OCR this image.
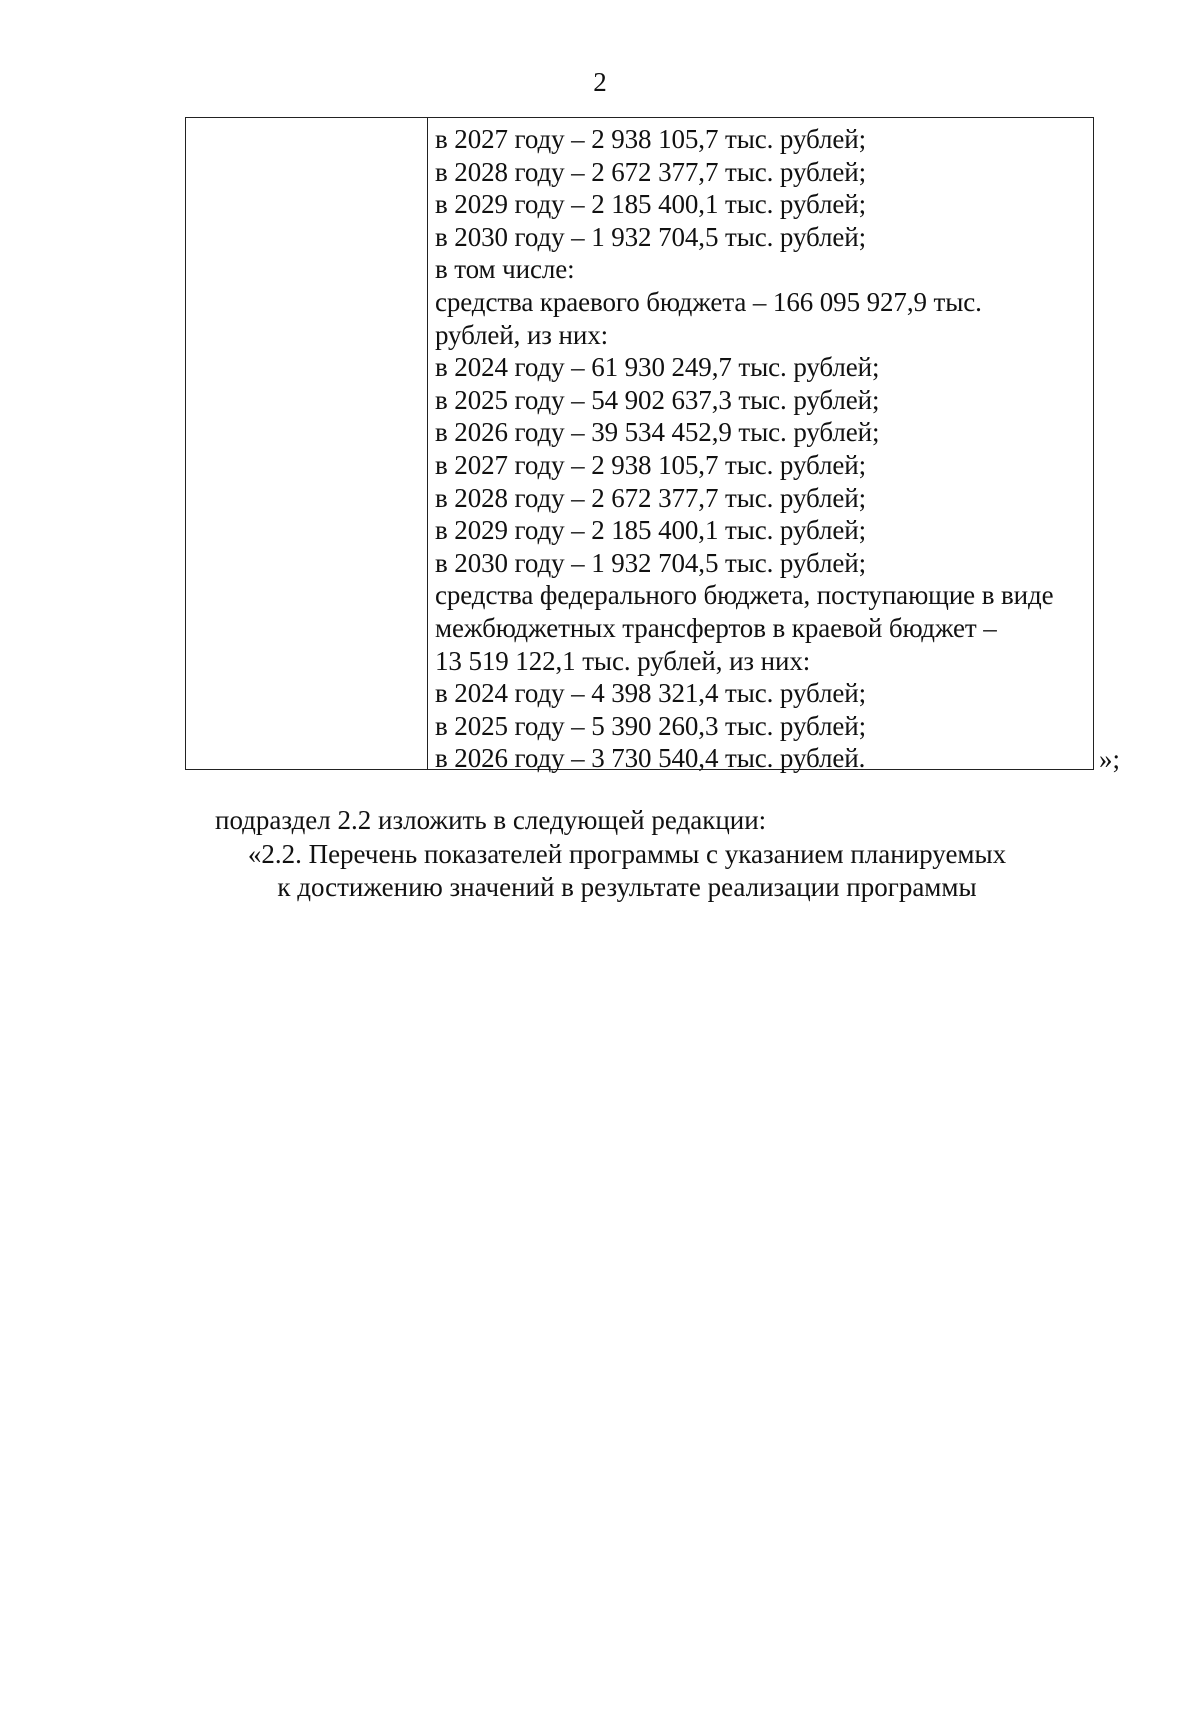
2
в 2027 году – 2 938 105,7 тыс. рублей;
в 2028 году – 2 672 377,7 тыс. рублей;
в 2029 году – 2 185 400,1 тыс. рублей;
в 2030 году – 1 932 704,5 тыс. рублей;
в том числе:
средства краевого бюджета – 166 095 927,9 тыс.
рублей, из них:
в 2024 году – 61 930 249,7 тыс. рублей;
в 2025 году – 54 902 637,3 тыс. рублей;
в 2026 году – 39 534 452,9 тыс. рублей;
в 2027 году – 2 938 105,7 тыс. рублей;
в 2028 году – 2 672 377,7 тыс. рублей;
в 2029 году – 2 185 400,1 тыс. рублей;
в 2030 году – 1 932 704,5 тыс. рублей;
средства федерального бюджета, поступающие в виде
межбюджетных трансфертов в краевой бюджет –
13 519 122,1 тыс. рублей, из них:
в 2024 году – 4 398 321,4 тыс. рублей;
в 2025 году – 5 390 260,3 тыс. рублей;
в 2026 году – 3 730 540,4 тыс. рублей.	»;
подраздел 2.2 изложить в следующей редакции:
«2.2. Перечень показателей программы с указанием планируемых
к достижению значений в результате реализации программы
